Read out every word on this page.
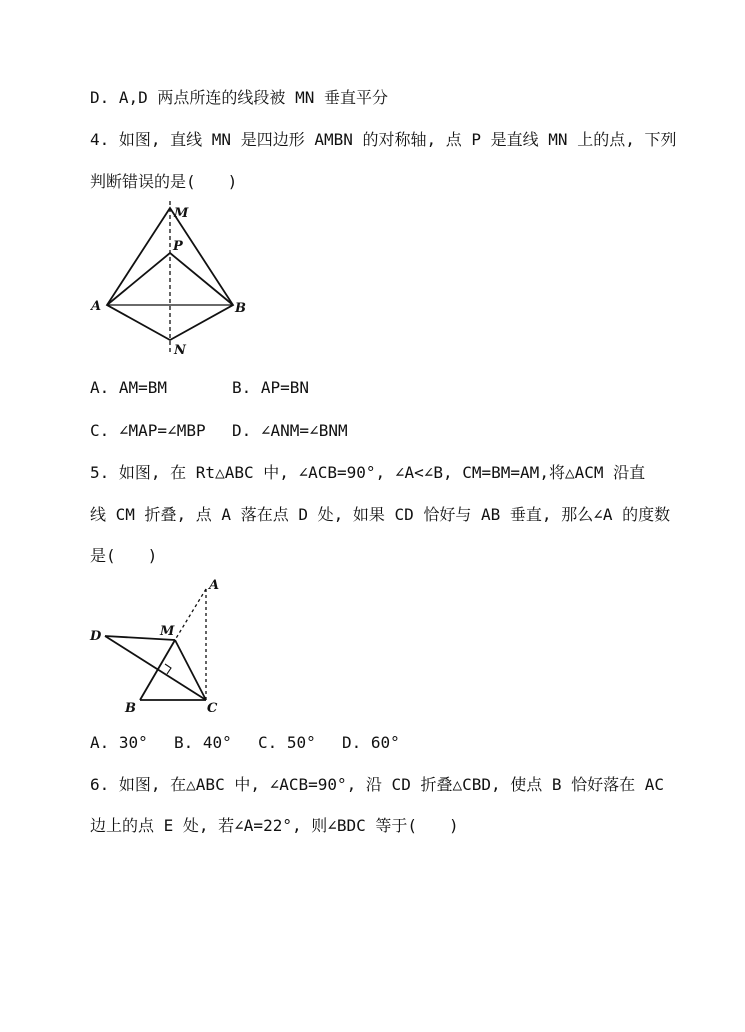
D. A,D 两点所连的线段被 MN 垂直平分
4. 如图, 直线 MN 是四边形 AMBN 的对称轴, 点 P 是直线 MN 上的点, 下列
判断错误的是(　　)
M
P
A	B
N
A. AM=BM	B. AP=BN
C. ∠MAP=∠MBP D. ∠ANM=∠BNM
5. 如图, 在 Rt△ABC 中, ∠ACB=90°, ∠A<∠B, CM=BM=AM,将△ACM 沿直
线 CM 折叠, 点 A 落在点 D 处, 如果 CD 恰好与 AB 垂直, 那么∠A 的度数
是(　　)
A
D	M
B	C
A. 30° B. 40° C. 50° D. 60°
6. 如图, 在△ABC 中, ∠ACB=90°, 沿 CD 折叠△CBD, 使点 B 恰好落在 AC
边上的点 E 处, 若∠A=22°, 则∠BDC 等于(　　)
